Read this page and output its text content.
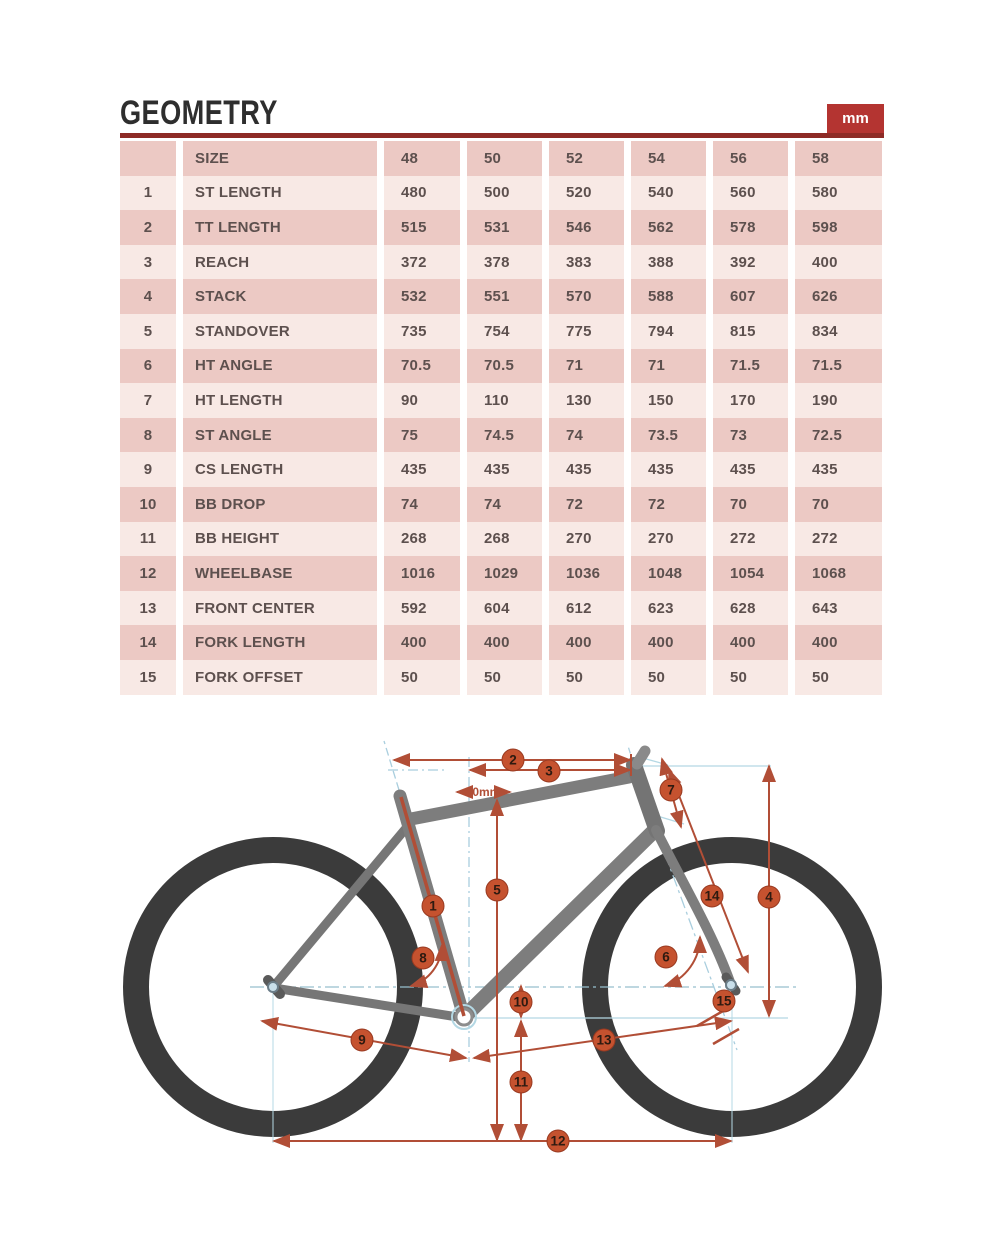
GEOMETRY	mm
SIZE	48	50	52	54	56	58
1	ST LENGTH	480	500	520	540	560	580
2	TT LENGTH	515	531	546	562	578	598
3	REACH	372	378	383	388	392	400
4	STACK	532	551	570	588	607	626
5	STANDOVER	735	754	775	794	815	834
6	HT ANGLE	70.5	70.5	71	71	71.5	71.5
7	HT LENGTH	90	110	130	150	170	190
8	ST ANGLE	75	74.5	74	73.5	73	72.5
9	CS LENGTH	435	435	435	435	435	435
10	BB DROP	74	74	72	72	70	70
11	BB HEIGHT	268	268	270	270	272	272
12	WHEELBASE	1016	1029	1036	1048	1054	1068
13	FRONT CENTER	592	604	612	623	628	643
14	FORK LENGTH	400	400	400	400	400	400
15	FORK OFFSET	50	50	50	50	50	50
70mm
1
2
3
4
5
6
7
8
9
10
11
12
13
14
15
